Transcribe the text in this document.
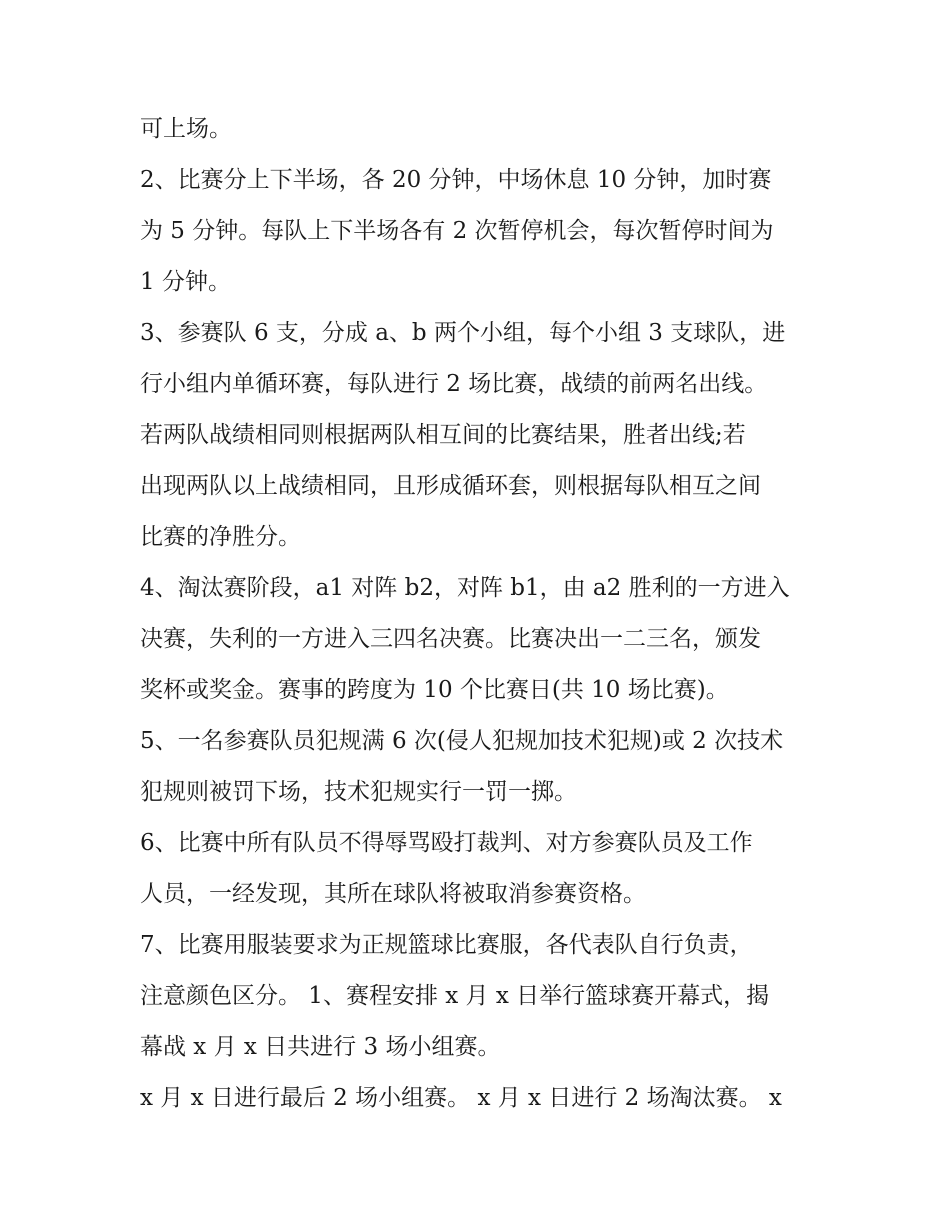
可上场。
2、比赛分上下半场，各 20 分钟，中场休息 10 分钟，加时赛
为 5 分钟。每队上下半场各有 2 次暂停机会，每次暂停时间为
1 分钟。
3、参赛队 6 支，分成 a、b 两个小组，每个小组 3 支球队，进
行小组内单循环赛，每队进行 2 场比赛，战绩的前两名出线。
若两队战绩相同则根据两队相互间的比赛结果，胜者出线;若
出现两队以上战绩相同，且形成循环套，则根据每队相互之间
比赛的净胜分。
4、淘汰赛阶段，a1 对阵 b2，对阵 b1，由 a2 胜利的一方进入
决赛，失利的一方进入三四名决赛。比赛决出一二三名，颁发
奖杯或奖金。赛事的跨度为 10 个比赛日(共 10 场比赛)。
5、一名参赛队员犯规满 6 次(侵人犯规加技术犯规)或 2 次技术
犯规则被罚下场，技术犯规实行一罚一掷。
6、比赛中所有队员不得辱骂殴打裁判、对方参赛队员及工作
人员，一经发现，其所在球队将被取消参赛资格。
7、比赛用服装要求为正规篮球比赛服，各代表队自行负责，
注意颜色区分。 1、赛程安排 x 月 x 日举行篮球赛开幕式，揭
幕战 x 月 x 日共进行 3 场小组赛。
x 月 x 日进行最后 2 场小组赛。 x 月 x 日进行 2 场淘汰赛。 x
